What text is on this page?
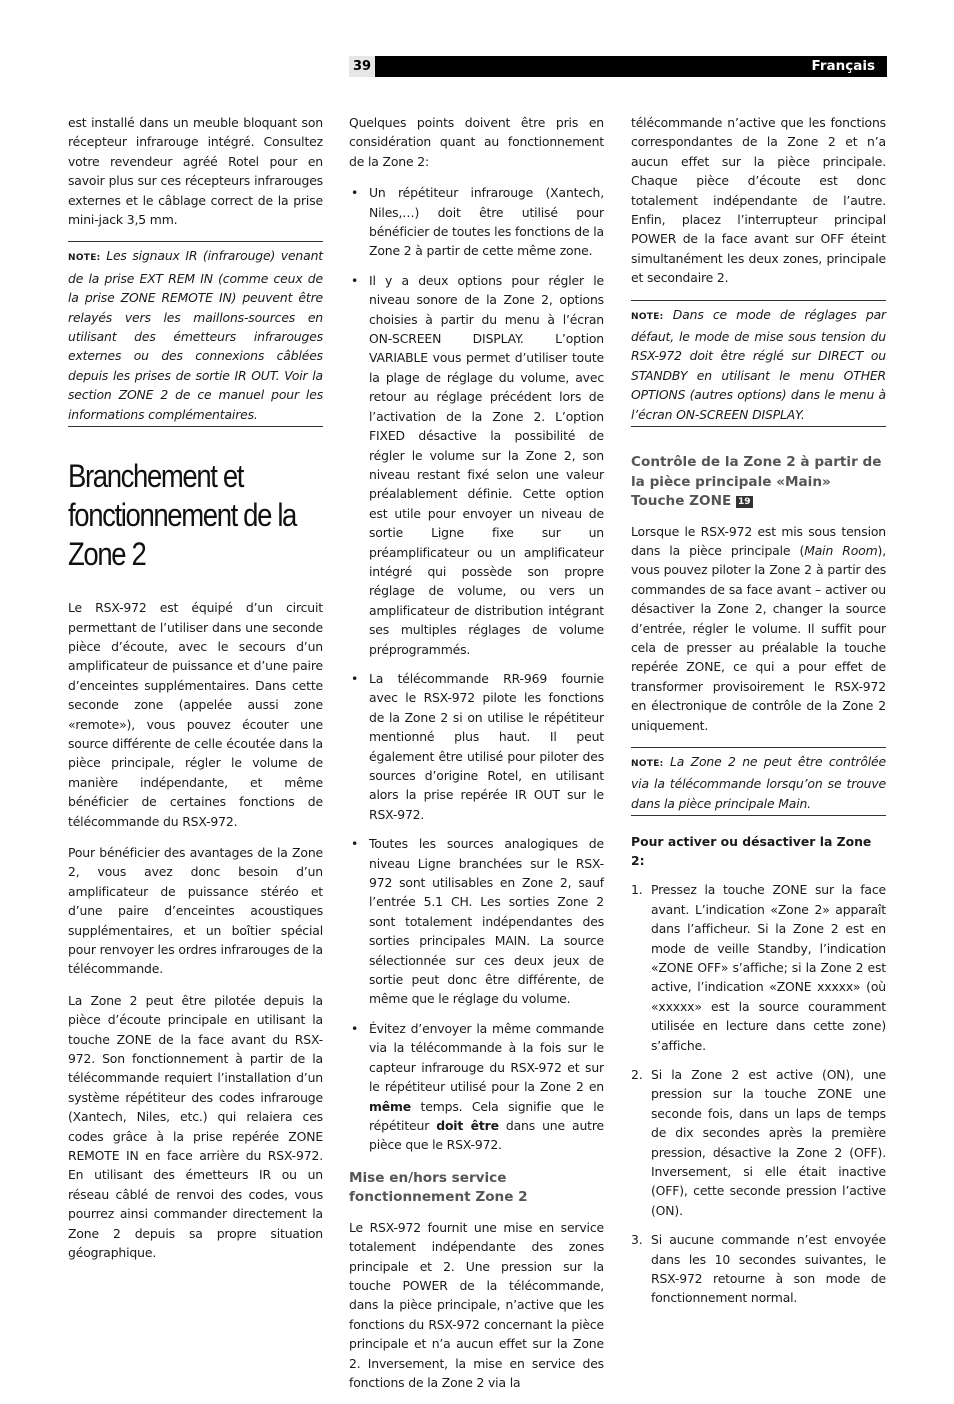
39	Français

est installé dans un meuble bloquant son récepteur infrarouge intégré. Consultez votre revendeur agréé Rotel pour en savoir plus sur ces récepteurs infrarouges externes et le câblage correct de la prise mini-jack 3,5 mm.

NOTE: Les signaux IR (infrarouge) venant de la prise EXT REM IN (comme ceux de la prise ZONE REMOTE IN) peuvent être relayés vers les maillons-sources en utilisant des émetteurs infrarouges externes ou des connexions câblées depuis les prises de sortie IR OUT. Voir la section ZONE 2 de ce manuel pour les informations complémentaires.
Branchement et
fonctionnement de la
Zone 2

Le RSX-972 est équipé d’un circuit permettant de l’utiliser dans une seconde pièce d’écoute, avec le secours d’un amplificateur de puissance et d’une paire d’enceintes supplémentaires. Dans cette seconde zone (appelée aussi zone «remote»), vous pouvez écouter une source différente de celle écoutée dans la pièce principale, régler le volume de manière indépendante, et même bénéficier de certaines fonctions de télécommande du RSX-972.

Pour bénéficier des avantages de la Zone 2, vous avez donc besoin d’un amplificateur de puissance stéréo et d’une paire d’enceintes acoustiques supplémentaires, et un boîtier spécial pour renvoyer les ordres infrarouges de la télécommande.

La Zone 2 peut être pilotée depuis la pièce d’écoute principale en utilisant la touche ZONE de la face avant du RSX-972. Son fonctionnement à partir de la télécommande requiert l’installation d’un système répétiteur des codes infrarouge (Xantech, Niles, etc.) qui relaiera ces codes grâce à la prise repérée ZONE REMOTE IN en face arrière du RSX-972. En utilisant des émetteurs IR ou un réseau câblé de renvoi des codes, vous pourrez ainsi commander directement la Zone 2 depuis sa propre situation géographique.

Quelques points doivent être pris en considération quant au fonctionnement de la Zone 2:

• Un répétiteur infrarouge (Xantech, Niles,…) doit être utilisé pour bénéficier de toutes les fonctions de la Zone 2 à partir de cette même zone.
• Il y a deux options pour régler le niveau sonore de la Zone 2, options choisies à partir du menu à l’écran ON-SCREEN DISPLAY. L’option VARIABLE vous permet d’utiliser toute la plage de réglage du volume, avec retour au réglage précédent lors de l’activation de la Zone 2. L’option FIXED désactive la possibilité de régler le volume sur la Zone 2, son niveau restant fixé selon une valeur préalablement définie. Cette option est utile pour envoyer un niveau de sortie Ligne fixe sur un préamplificateur ou un amplificateur intégré qui possède son propre réglage de volume, ou vers un amplificateur de distribution intégrant ses multiples réglages de volume préprogrammés.
• La télécommande RR-969 fournie avec le RSX-972 pilote les fonctions de la Zone 2 si on utilise le répétiteur mentionné plus haut. Il peut également être utilisé pour piloter des sources d’origine Rotel, en utilisant alors la prise repérée IR OUT sur le RSX-972.
• Toutes les sources analogiques de niveau Ligne branchées sur le RSX-972 sont utilisables en Zone 2, sauf l’entrée 5.1 CH. Les sorties Zone 2 sont totalement indépendantes des sorties principales MAIN. La source sélectionnée sur ces deux jeux de sortie peut donc être différente, de même que le réglage du volume.
• Évitez d’envoyer la même commande via la télécommande à la fois sur le capteur infrarouge du RSX-972 et sur le répétiteur utilisé pour la Zone 2 en même temps. Cela signifie que le répétiteur doit être dans une autre pièce que le RSX-972.
Mise en/hors service fonctionnement Zone 2

Le RSX-972 fournit une mise en service totalement indépendante des zones principale et 2. Une pression sur la touche POWER de la télécommande, dans la pièce principale, n’active que les fonctions du RSX-972 concernant la pièce principale et n’a aucun effet sur la Zone 2. Inversement, la mise en service des fonctions de la Zone 2 via la

télécommande n’active que les fonctions correspondantes de la Zone 2 et n’a aucun effet sur la pièce principale. Chaque pièce d’écoute est donc totalement indépendante de l’autre. Enfin, placez l’interrupteur principal POWER de la face avant sur OFF éteint simultanément les deux zones, principale et secondaire 2.

NOTE: Dans ce mode de réglages par défaut, le mode de mise sous tension du RSX-972 doit être réglé sur DIRECT ou STANDBY en utilisant le menu OTHER OPTIONS (autres options) dans le menu à l’écran ON-SCREEN DISPLAY.
Contrôle de la Zone 2 à partir de la pièce principale «Main» Touche ZONE 19

Lorsque le RSX-972 est mis sous tension dans la pièce principale (Main Room), vous pouvez piloter la Zone 2 à partir des commandes de sa face avant – activer ou désactiver la Zone 2, changer la source d’entrée, régler le volume. Il suffit pour cela de presser au préalable la touche repérée ZONE, ce qui a pour effet de transformer provisoirement le RSX-972 en électronique de contrôle de la Zone 2 uniquement.

NOTE: La Zone 2 ne peut être contrôlée via la télécommande lorsqu’on se trouve dans la pièce principale Main.
Pour activer ou désactiver la Zone 2:
1. Pressez la touche ZONE sur la face avant. L’indication «Zone 2» apparaît dans l’afficheur. Si la Zone 2 est en mode de veille Standby, l’indication «ZONE OFF» s’affiche; si la Zone 2 est active, l’indication «ZONE xxxxx» (où «xxxxx» est la source couramment utilisée en lecture dans cette zone) s’affiche.
2. Si la Zone 2 est active (ON), une pression sur la touche ZONE une seconde fois, dans un laps de temps de dix secondes après la première pression, désactive la Zone 2 (OFF). Inversement, si elle était inactive (OFF), cette seconde pression l’active (ON).
3. Si aucune commande n’est envoyée dans les 10 secondes suivantes, le RSX-972 retourne à son mode de fonctionnement normal.
